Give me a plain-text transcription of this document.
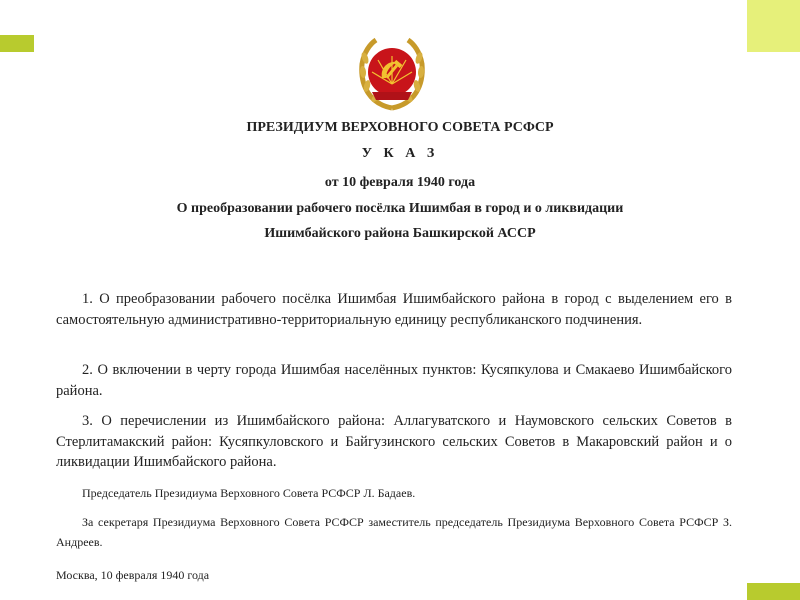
ПРЕЗИДИУМ ВЕРХОВНОГО СОВЕТА РСФСР
У К А З
от 10 февраля 1940 года
О преобразовании рабочего посёлка Ишимбая в город и о ликвидации
Ишимбайского района Башкирской АССР

1. О преобразовании рабочего посёлка Ишимбая Ишимбайского района в город с выделением его в самостоятельную административно-территориальную единицу республиканского подчинения.

2. О включении в черту города Ишимбая населённых пунктов: Кусяпкулова и Смакаево Ишимбайского района.

3. О перечислении из Ишимбайского района: Аллагуватского и Наумовского сельских Советов в Стерлитамакский район: Кусяпкуловского и Байгузинского сельских Советов в Макаровский район и о ликвидации Ишимбайского района.

Председатель Президиума Верховного Совета РСФСР Л. Бадаев.

За секретаря Президиума Верховного Совета РСФСР заместитель председатель Президиума Верховного Совета РСФСР З. Андреев.

Москва, 10 февраля 1940 года
